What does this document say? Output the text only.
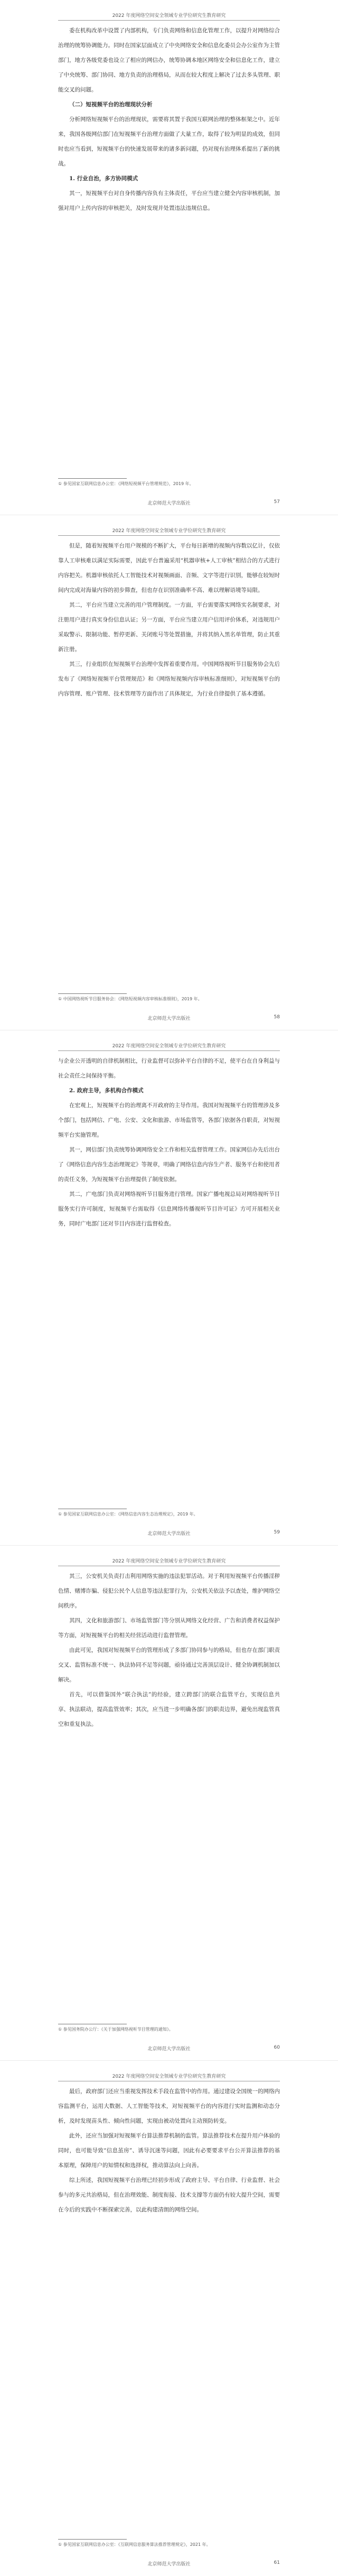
2022 年度网络空间安全领域专业学位研究生教育研究

委在机构改革中设置了内部机构，专门负责网络和信息化管理工作，以提升对网络综合治理的统筹协调能力。同时在国家层面成立了中央网络安全和信息化委员会办公室作为主管部门，地方各级党委也设立了相应的网信办，统筹协调本地区网络安全和信息化工作，建立了中央统筹、部门协同、地方负责的治理格局，从而在较大程度上解决了过去多头管理、职能交叉的问题。

（二）短视频平台的治理现状分析

分析网络短视频平台的治理现状，需要将其置于我国互联网治理的整体框架之中。近年来，我国各级网信部门在短视频平台治理方面做了大量工作，取得了较为明显的成效，但同时也应当看到，短视频平台的快速发展带来的诸多新问题，仍对现有治理体系提出了新的挑战。

1. 行业自治，多方协同模式

其一，短视频平台对自身传播内容负有主体责任，平台应当建立健全内容审核机制，加强对用户上传内容的审核把关，及时发现并处置违法违规信息。

① 参见国家互联网信息办公室：《网络短视频平台管理规范》，2019 年。
北京师范大学出版社	57
2022 年度网络空间安全领域专业学位研究生教育研究

但是，随着短视频平台用户规模的不断扩大，平台每日新增的视频内容数以亿计，仅依靠人工审核难以满足实际需要，因此平台普遍采用“机器审核+人工审核”相结合的方式进行内容把关。机器审核依托人工智能技术对视频画面、音频、文字等进行识别，能够在较短时间内完成对海量内容的初步筛查，但也存在识别准确率不高、难以理解语境等局限。

其二，平台应当建立完善的用户管理制度。一方面，平台需要落实网络实名制要求，对注册用户进行真实身份信息认证；另一方面，平台应当建立用户信用评价体系，对违规用户采取警示、限制功能、暂停更新、关闭账号等处置措施，并将其纳入黑名单管理，防止其重新注册。

其三，行业组织在短视频平台治理中发挥着重要作用。中国网络视听节目服务协会先后发布了《网络短视频平台管理规范》和《网络短视频内容审核标准细则》，对短视频平台的内容管理、账户管理、技术管理等方面作出了具体规定，为行业自律提供了基本遵循。

① 中国网络视听节目服务协会：《网络短视频内容审核标准细则》，2019 年。
北京师范大学出版社	58
2022 年度网络空间安全领域专业学位研究生教育研究

与企业公开透明的自律机制相比，行业监督可以弥补平台自律的不足，使平台在自身利益与社会责任之间保持平衡。

2. 政府主导，多机构合作模式

在宏观上，短视频平台的治理离不开政府的主导作用。我国对短视频平台的管理涉及多个部门，包括网信、广电、公安、文化和旅游、市场监管等，各部门依据各自职责，对短视频平台实施管理。

其一，网信部门负责统筹协调网络安全工作和相关监督管理工作。国家网信办先后出台了《网络信息内容生态治理规定》等规章，明确了网络信息内容生产者、服务平台和使用者的责任义务，为短视频平台治理提供了制度依据。

其二，广电部门负责对网络视听节目服务进行管理。国家广播电视总局对网络视听节目服务实行许可制度，短视频平台需取得《信息网络传播视听节目许可证》方可开展相关业务，同时广电部门还对节目内容进行监督检查。

① 参见国家互联网信息办公室：《网络信息内容生态治理规定》，2019 年。
北京师范大学出版社	59
2022 年度网络空间安全领域专业学位研究生教育研究

其三，公安机关负责打击利用网络实施的违法犯罪活动。对于利用短视频平台传播淫秽色情、赌博诈骗、侵犯公民个人信息等违法犯罪行为，公安机关依法予以查处，维护网络空间秩序。

其四，文化和旅游部门、市场监管部门等分别从网络文化经营、广告和消费者权益保护等方面，对短视频平台的相关经营活动进行监督管理。

由此可见，我国对短视频平台的管理形成了多部门协同参与的格局，但也存在部门职责交叉、监管标准不统一、执法协同不足等问题，亟待通过完善顶层设计、健全协调机制加以解决。

首先，可以借鉴国外“联合执法”的经验，建立跨部门的联合监管平台，实现信息共享、执法联动，提高监管效率；其次，应当进一步明确各部门的职责边界，避免出现监管真空和重复执法。

① 参见国务院办公厅：《关于加强网络视听节目管理的通知》。
北京师范大学出版社	60
2022 年度网络空间安全领域专业学位研究生教育研究

最后，政府部门还应当重视发挥技术手段在监管中的作用。通过建设全国统一的网络内容监测平台，运用大数据、人工智能等技术，对短视频平台的内容进行实时监测和动态分析，及时发现苗头性、倾向性问题，实现由被动处置向主动预防转变。

此外，还应当加强对短视频平台算法推荐机制的监管。算法推荐技术在提升用户体验的同时，也可能导致“信息茧房”、诱导沉迷等问题，因此有必要要求平台公开算法推荐的基本原理，保障用户的知情权和选择权，推动算法向上向善。

综上所述，我国短视频平台治理已经初步形成了政府主导、平台自律、行业监督、社会参与的多元共治格局，但在治理效能、制度衔接、技术支撑等方面仍有较大提升空间，需要在今后的实践中不断探索完善，以此构建清朗的网络空间。

① 参见国家互联网信息办公室：《互联网信息服务算法推荐管理规定》，2021 年。
北京师范大学出版社	61
